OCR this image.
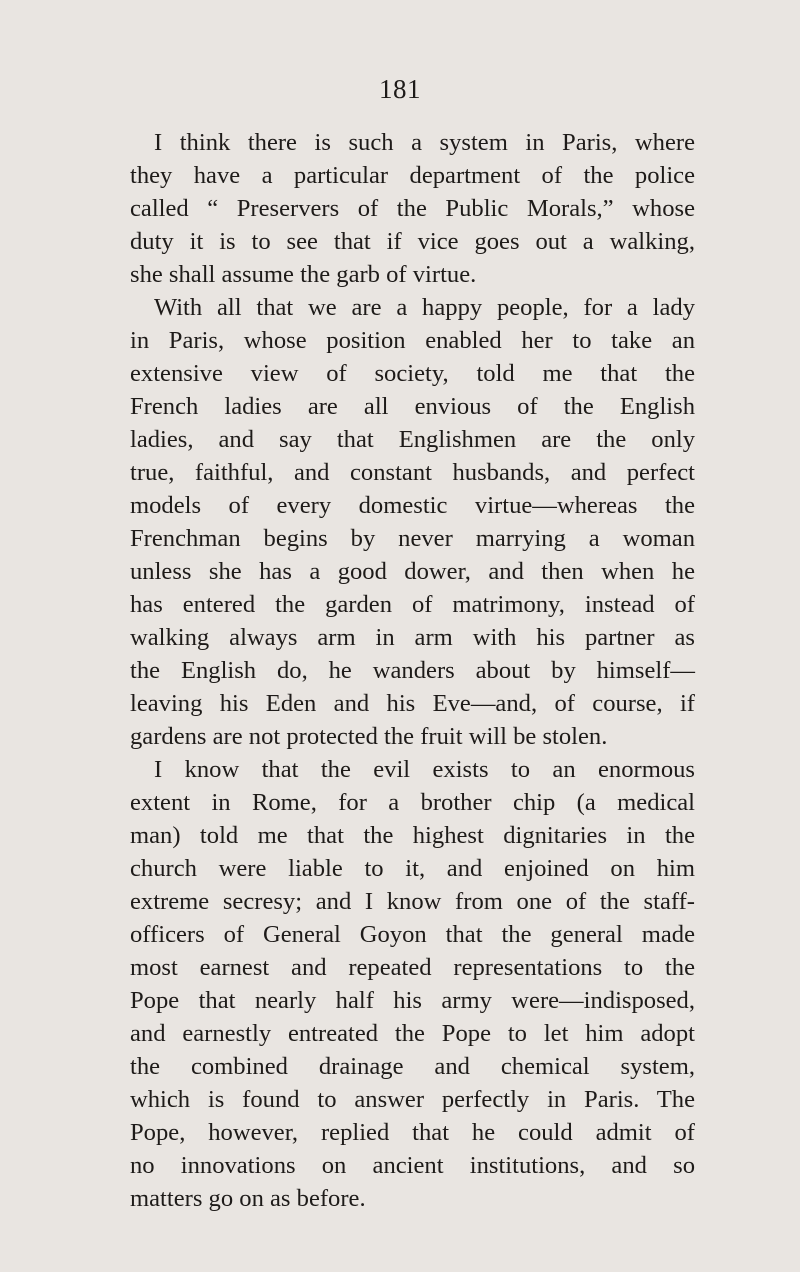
181
I think there is such a system in Paris, where
they have a particular department of the police
called “ Preservers of the Public Morals,” whose
duty it is to see that if vice goes out a walking,
she shall assume the garb of virtue.
With all that we are a happy people, for a lady
in Paris, whose position enabled her to take an
extensive view of society, told me that the
French ladies are all envious of the English
ladies, and say that Englishmen are the only
true, faithful, and constant husbands, and perfect
models of every domestic virtue—whereas the
Frenchman begins by never marrying a woman
unless she has a good dower, and then when he
has entered the garden of matrimony, instead of
walking always arm in arm with his partner as
the English do, he wanders about by himself—
leaving his Eden and his Eve—and, of course, if
gardens are not protected the fruit will be stolen.
I know that the evil exists to an enormous
extent in Rome, for a brother chip (a medical
man) told me that the highest dignitaries in the
church were liable to it, and enjoined on him
extreme secresy; and I know from one of the staff-
officers of General Goyon that the general made
most earnest and repeated representations to the
Pope that nearly half his army were—indisposed,
and earnestly entreated the Pope to let him adopt
the combined drainage and chemical system,
which is found to answer perfectly in Paris. The
Pope, however, replied that he could admit of
no innovations on ancient institutions, and so
matters go on as before.
